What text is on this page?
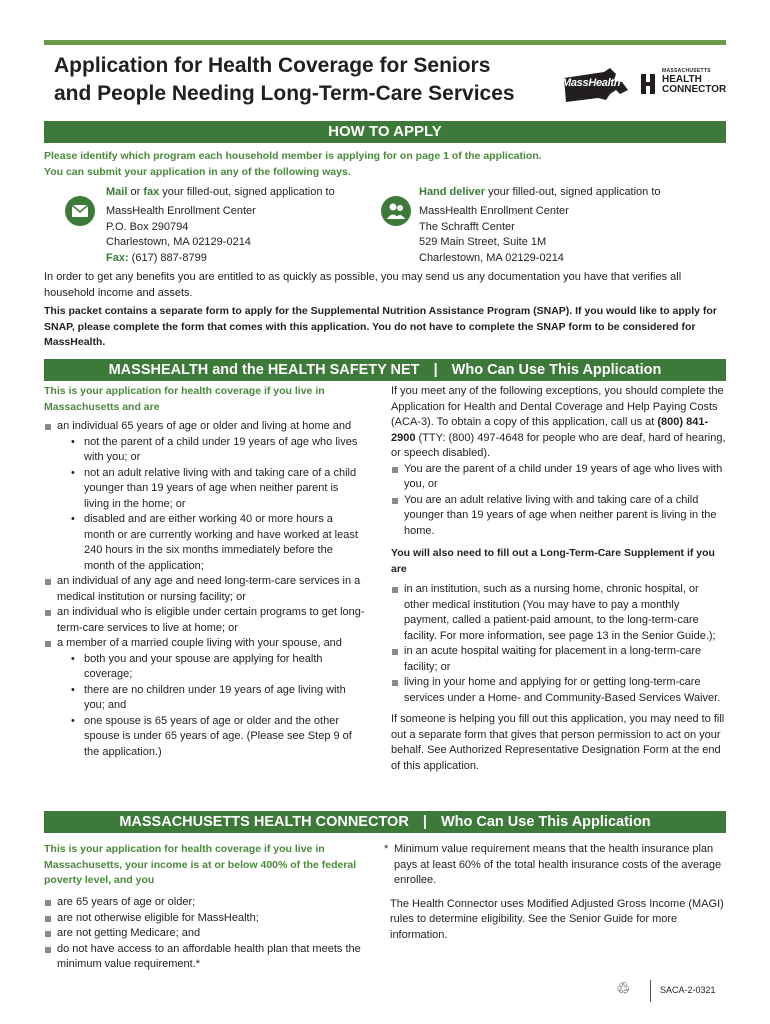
Application for Health Coverage for Seniors
and People Needing Long-Term-Care Services	MassHealth
MASSACHUSETTS
HEALTH
CONNECTOR
HOW TO APPLY
Please identify which program each household member is applying for on page 1 of the application.
You can submit your application in any of the following ways.
Mail or fax your filled-out, signed application to
MassHealth Enrollment Center
P.O. Box 290794
Charlestown, MA 02129-0214
Fax: (617) 887-8799
Hand deliver your filled-out, signed application to
MassHealth Enrollment Center
The Schrafft Center
529 Main Street, Suite 1M
Charlestown, MA 02129-0214
In order to get any benefits you are entitled to as quickly as possible, you may send us any documentation you have that verifies all household income and assets.
This packet contains a separate form to apply for the Supplemental Nutrition Assistance Program (SNAP). If you would like to apply for SNAP, please complete the form that comes with this application. You do not have to complete the SNAP form to be considered for MassHealth.
MASSHEALTH and the HEALTH SAFETY NET | Who Can Use This Application
This is your application for health coverage if you live in
Massachusetts and are
an individual 65 years of age or older and living at home and
• not the parent of a child under 19 years of age who lives with you; or
• not an adult relative living with and taking care of a child younger than 19 years of age when neither parent is living in the home; or
• disabled and are either working 40 or more hours a month or are currently working and have worked at least 240 hours in the six months immediately before the month of the application;
an individual of any age and need long-term-care services in a medical institution or nursing facility; or
an individual who is eligible under certain programs to get long-term-care services to live at home; or
a member of a married couple living with your spouse, and
• both you and your spouse are applying for health coverage;
• there are no children under 19 years of age living with you; and
• one spouse is 65 years of age or older and the other spouse is under 65 years of age. (Please see Step 9 of the application.)
If you meet any of the following exceptions, you should complete the Application for Health and Dental Coverage and Help Paying Costs (ACA-3). To obtain a copy of this application, call us at (800) 841-2900 (TTY: (800) 497-4648 for people who are deaf, hard of hearing, or speech disabled).
You are the parent of a child under 19 years of age who lives with you, or
You are an adult relative living with and taking care of a child younger than 19 years of age when neither parent is living in the home.
You will also need to fill out a Long-Term-Care Supplement if you are
in an institution, such as a nursing home, chronic hospital, or other medical institution (You may have to pay a monthly payment, called a patient-paid amount, to the long-term-care facility. For more information, see page 13 in the Senior Guide.);
in an acute hospital waiting for placement in a long-term-care facility; or
living in your home and applying for or getting long-term-care services under a Home- and Community-Based Services Waiver.
If someone is helping you fill out this application, you may need to fill out a separate form that gives that person permission to act on your behalf. See Authorized Representative Designation Form at the end of this application.
MASSACHUSETTS HEALTH CONNECTOR | Who Can Use This Application
This is your application for health coverage if you live in Massachusetts, your income is at or below 400% of the federal poverty level, and you
are 65 years of age or older;
are not otherwise eligible for MassHealth;
are not getting Medicare; and
do not have access to an affordable health plan that meets the minimum value requirement.*
* Minimum value requirement means that the health insurance plan pays at least 60% of the total health insurance costs of the average enrollee.
The Health Connector uses Modified Adjusted Gross Income (MAGI) rules to determine eligibility. See the Senior Guide for more information.
♲	SACA-2-0321
